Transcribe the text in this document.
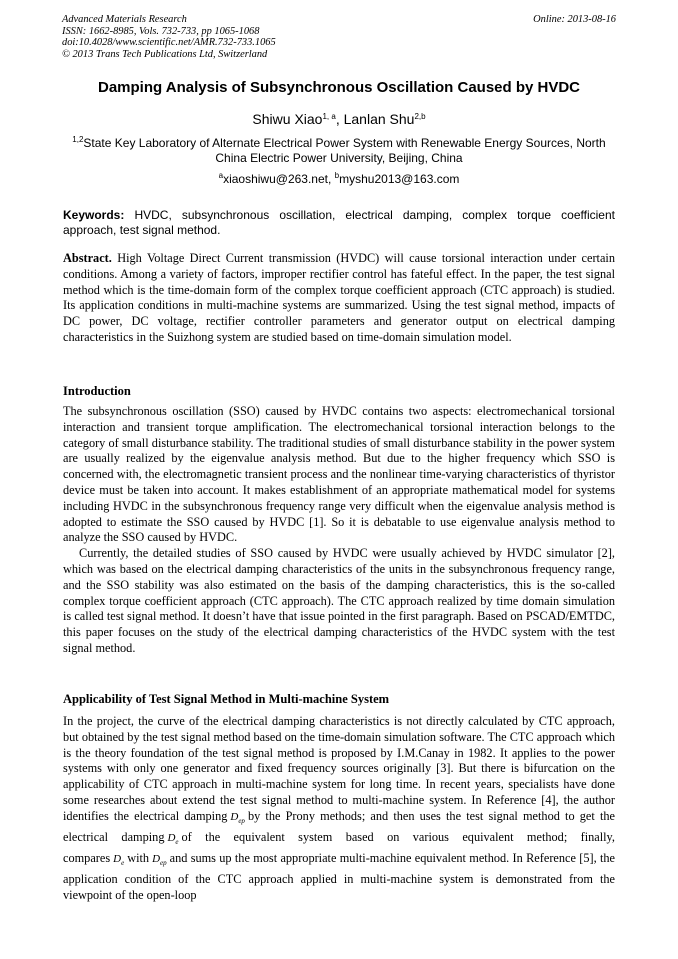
Advanced Materials Research
ISSN: 1662-8985, Vols. 732-733, pp 1065-1068
doi:10.4028/www.scientific.net/AMR.732-733.1065
© 2013 Trans Tech Publications Ltd, Switzerland
Online: 2013-08-16
Damping Analysis of Subsynchronous Oscillation Caused by HVDC
Shiwu Xiao$^{1, a}$, Lanlan Shu$^{2,b}$
$^{1,2}$State Key Laboratory of Alternate Electrical Power System with Renewable Energy Sources, North China Electric Power University, Beijing, China
$^a$xiaoshiwu@263.net, $^b$myshu2013@163.com
Keywords: HVDC, subsynchronous oscillation, electrical damping, complex torque coefficient approach, test signal method.
Abstract. High Voltage Direct Current transmission (HVDC) will cause torsional interaction under certain conditions. Among a variety of factors, improper rectifier control has fateful effect. In the paper, the test signal method which is the time-domain form of the complex torque coefficient approach (CTC approach) is studied. Its application conditions in multi-machine systems are summarized. Using the test signal method, impacts of DC power, DC voltage, rectifier controller parameters and generator output on electrical damping characteristics in the Suizhong system are studied based on time-domain simulation model.
Introduction

The subsynchronous oscillation (SSO) caused by HVDC contains two aspects: electromechanical torsional interaction and transient torque amplification. The electromechanical torsional interaction belongs to the category of small disturbance stability. The traditional studies of small disturbance stability in the power system are usually realized by the eigenvalue analysis method. But due to the higher frequency which SSO is concerned with, the electromagnetic transient process and the nonlinear time-varying characteristics of thyristor device must be taken into account. It makes establishment of an appropriate mathematical model for systems including HVDC in the subsynchronous frequency range very difficult when the eigenvalue analysis method is adopted to estimate the SSO caused by HVDC [1]. So it is debatable to use eigenvalue analysis method to analyze the SSO caused by HVDC.

Currently, the detailed studies of SSO caused by HVDC were usually achieved by HVDC simulator [2], which was based on the electrical damping characteristics of the units in the subsynchronous frequency range, and the SSO stability was also estimated on the basis of the damping characteristics, this is the so-called complex torque coefficient approach (CTC approach). The CTC approach realized by time domain simulation is called test signal method. It doesn’t have that issue pointed in the first paragraph. Based on PSCAD/EMTDC, this paper focuses on the study of the electrical damping characteristics of the HVDC system with the test signal method.

Applicability of Test Signal Method in Multi-machine System

In the project, the curve of the electrical damping characteristics is not directly calculated by CTC approach, but obtained by the test signal method based on the time-domain simulation software. The CTC approach which is the theory foundation of the test signal method is proposed by I.M.Canay in 1982. It applies to the power systems with only one generator and fixed frequency sources originally [3]. But there is bifurcation on the applicability of CTC approach in multi-machine system for long time. In recent years, specialists have done some researches about extend the test signal method to multi-machine system. In Reference [4], the author identifies the electrical damping $D_{ep}$ by the Prony methods; and then uses the test signal method to get the electrical damping $D_e$ of the equivalent system based on various equivalent method; finally, compares $D_e$ with $D_{ep}$ and sums up the most appropriate multi-machine equivalent method. In Reference [5], the application condition of the CTC approach applied in multi-machine system is demonstrated from the viewpoint of the open-loop
